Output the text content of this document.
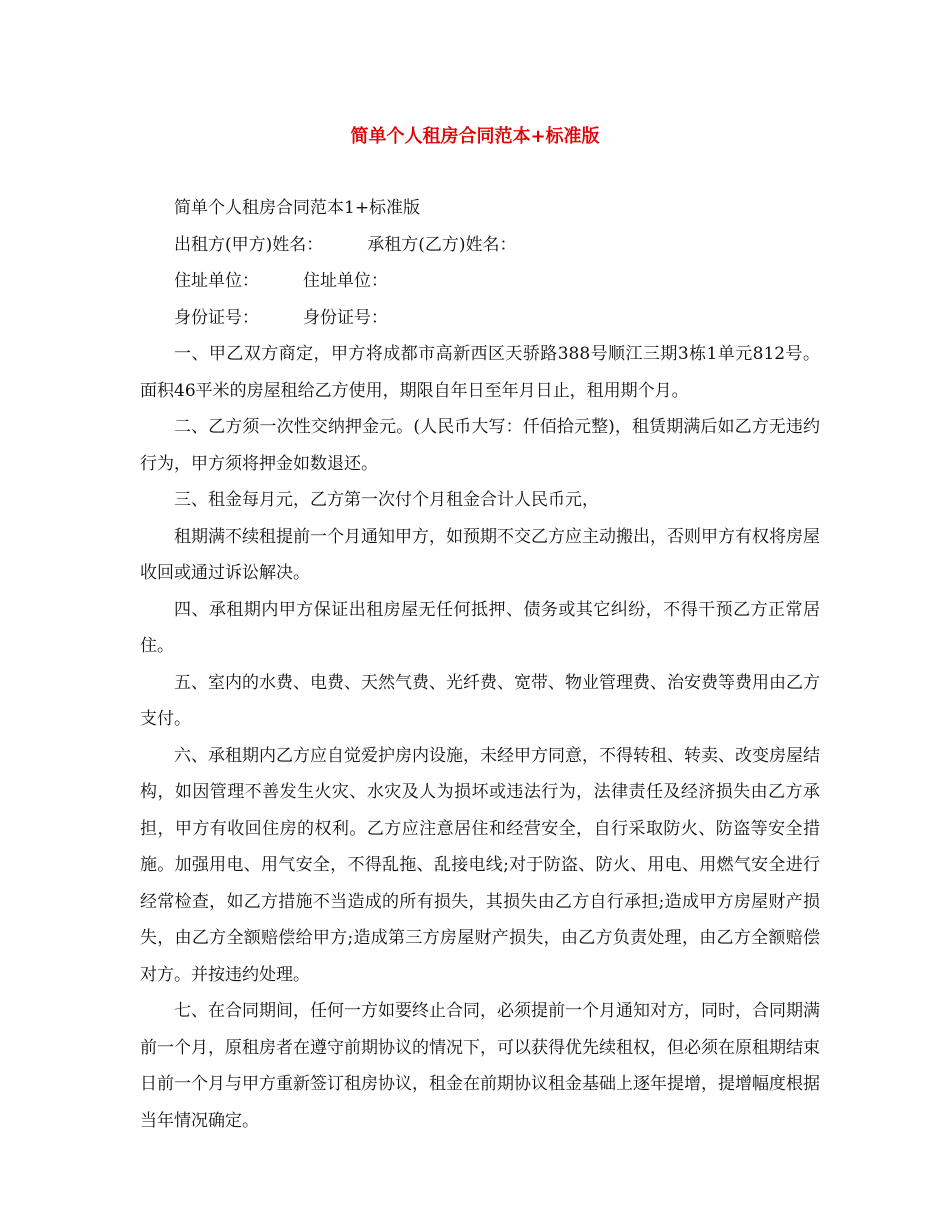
简单个人租房合同范本+标准版

简单个人租房合同范本1+标准版

出租方(甲方)姓名：	承租方(乙方)姓名：

住址单位：	住址单位：

身份证号：	身份证号：

一、甲乙双方商定，甲方将成都市高新西区天骄路388号顺江三期3栋1单元812号。面积46平米的房屋租给乙方使用，期限自年日至年月日止，租用期个月。

二、乙方须一次性交纳押金元。(人民币大写：仟佰拾元整)，租赁期满后如乙方无违约行为，甲方须将押金如数退还。

三、租金每月元，乙方第一次付个月租金合计人民币元，

租期满不续租提前一个月通知甲方，如预期不交乙方应主动搬出，否则甲方有权将房屋收回或通过诉讼解决。

四、承租期内甲方保证出租房屋无任何抵押、债务或其它纠纷，不得干预乙方正常居住。

五、室内的水费、电费、天然气费、光纤费、宽带、物业管理费、治安费等费用由乙方支付。

六、承租期内乙方应自觉爱护房内设施，未经甲方同意，不得转租、转卖、改变房屋结构，如因管理不善发生火灾、水灾及人为损坏或违法行为，法律责任及经济损失由乙方承担，甲方有收回住房的权利。乙方应注意居住和经营安全，自行采取防火、防盗等安全措施。加强用电、用气安全，不得乱拖、乱接电线;对于防盗、防火、用电、用燃气安全进行经常检查，如乙方措施不当造成的所有损失，其损失由乙方自行承担;造成甲方房屋财产损失，由乙方全额赔偿给甲方;造成第三方房屋财产损失，由乙方负责处理，由乙方全额赔偿对方。并按违约处理。

七、在合同期间，任何一方如要终止合同，必须提前一个月通知对方，同时，合同期满前一个月，原租房者在遵守前期协议的情况下，可以获得优先续租权，但必须在原租期结束日前一个月与甲方重新签订租房协议，租金在前期协议租金基础上逐年提增，提增幅度根据当年情况确定。
